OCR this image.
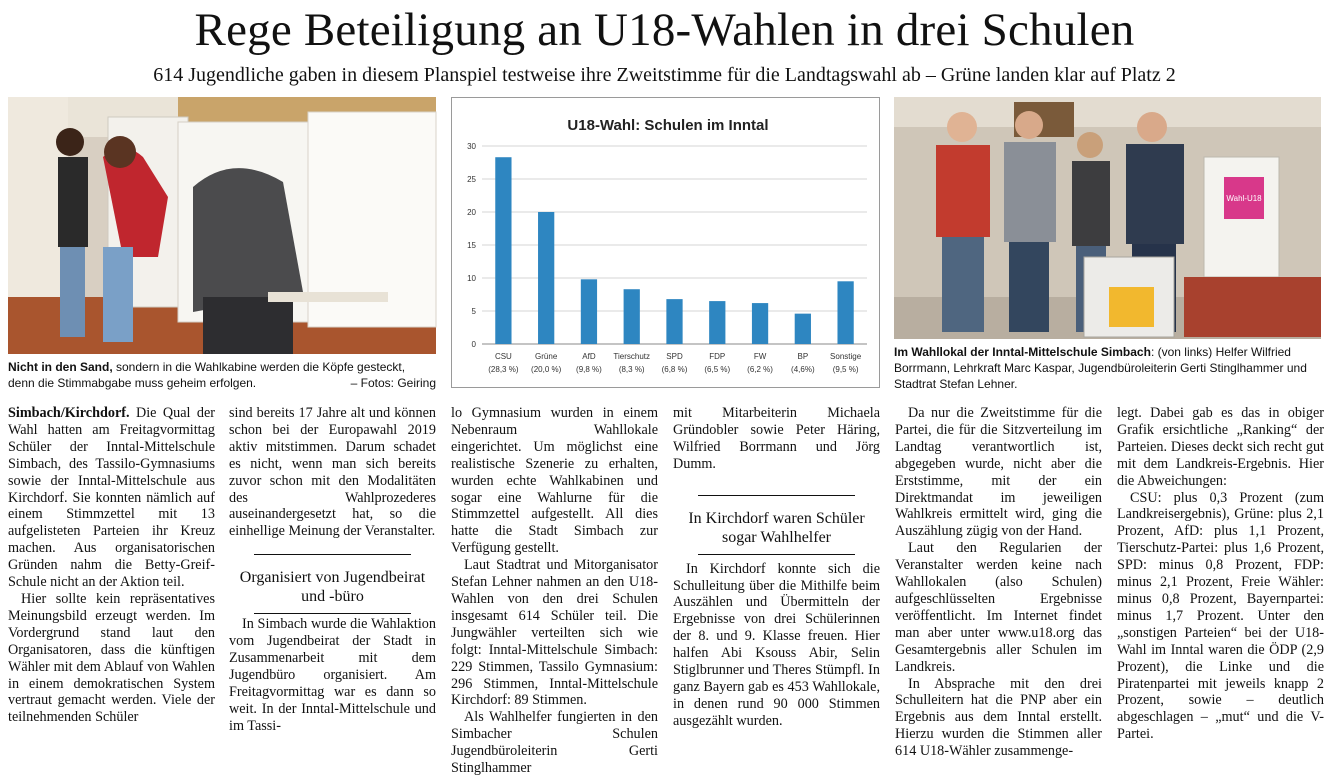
Rege Beteiligung an U18-Wahlen in drei Schulen
614 Jugendliche gaben in diesem Planspiel testweise ihre Zweitstimme für die Landtagswahl ab – Grüne landen klar auf Platz 2
U18-Wahl: Schulen im Inntal
0
5
10
15
20
25
30
CSU
(28,3 %)
Grüne
(20,0 %)
AfD
(9,8 %)
Tierschutz
(8,3 %)
SPD
(6,8 %)
FDP
(6,5 %)
FW
(6,2 %)
BP
(4,6%)
Sonstige
(9,5 %)
Wahl-U18
Nicht in den Sand, sondern in die Wahlkabine werden die Köpfe gesteckt,
denn die Stimmabgabe muss geheim erfolgen.	– Fotos: Geiring
Im Wahllokal der Inntal-Mittelschule Simbach: (von links) Helfer Wilfried Borrmann, Lehrkraft Marc Kaspar, Jugendbüroleiterin Gerti Stinglhammer und Stadtrat Stefan Lehner.

Simbach/Kirchdorf. Die Qual der Wahl hatten am Freitagvormittag Schüler der Inntal-Mittelschule Simbach, des Tassilo-Gymnasiums sowie der Inntal-Mittelschule aus Kirchdorf. Sie konnten nämlich auf einem Stimmzettel mit 13 aufgelisteten Parteien ihr Kreuz machen. Aus organisatorischen Gründen nahm die Betty-Greif-Schule nicht an der Aktion teil.

Hier sollte kein repräsentatives Meinungsbild erzeugt werden. Im Vordergrund stand laut den Organisatoren, dass die künftigen Wähler mit dem Ablauf von Wahlen in einem demokratischen System vertraut gemacht werden. Viele der teilnehmenden Schüler

sind bereits 17 Jahre alt und können schon bei der Europawahl 2019 aktiv mitstimmen. Darum schadet es nicht, wenn man sich bereits zuvor schon mit den Modalitäten des Wahlprozederes auseinandergesetzt hat, so die einhellige Meinung der Veranstalter.

Organisiert von Jugendbeirat und -büro

In Simbach wurde die Wahlaktion vom Jugendbeirat der Stadt in Zusammenarbeit mit dem Jugendbüro organisiert. Am Freitagvormittag war es dann so weit. In der Inntal-Mittelschule und im Tassi-

lo Gymnasium wurden in einem Nebenraum Wahllokale eingerichtet. Um möglichst eine realistische Szenerie zu erhalten, wurden echte Wahlkabinen und sogar eine Wahlurne für die Stimmzettel aufgestellt. All dies hatte die Stadt Simbach zur Verfügung gestellt.

Laut Stadtrat und Mitorganisator Stefan Lehner nahmen an den U18-Wahlen von den drei Schulen insgesamt 614 Schüler teil. Die Jungwähler verteilten sich wie folgt: Inntal-Mittelschule Simbach: 229 Stimmen, Tassilo Gymnasium: 296 Stimmen, Inntal-Mittelschule Kirchdorf: 89 Stimmen.

Als Wahlhelfer fungierten in den Simbacher Schulen Jugendbüroleiterin Gerti Stinglhammer

mit Mitarbeiterin Michaela Gründobler sowie Peter Häring, Wilfried Borrmann und Jörg Dumm.

In Kirchdorf waren Schüler sogar Wahlhelfer

In Kirchdorf konnte sich die Schulleitung über die Mithilfe beim Auszählen und Übermitteln der Ergebnisse von drei Schülerinnen der 8. und 9. Klasse freuen. Hier halfen Abi Ksouss Abir, Selin Stiglbrunner und Theres Stümpfl. In ganz Bayern gab es 453 Wahllokale, in denen rund 90 000 Stimmen ausgezählt wurden.

Da nur die Zweitstimme für die Partei, die für die Sitzverteilung im Landtag verantwortlich ist, abgegeben wurde, nicht aber die Erststimme, mit der ein Direktmandat im jeweiligen Wahlkreis ermittelt wird, ging die Auszählung zügig von der Hand.

Laut den Regularien der Veranstalter werden keine nach Wahllokalen (also Schulen) aufgeschlüsselten Ergebnisse veröffentlicht. Im Internet findet man aber unter www.u18.org das Gesamtergebnis aller Schulen im Landkreis.

In Absprache mit den drei Schulleitern hat die PNP aber ein Ergebnis aus dem Inntal erstellt. Hierzu wurden die Stimmen aller 614 U18-Wähler zusammenge-

legt. Dabei gab es das in obiger Grafik ersichtliche „Ranking“ der Parteien. Dieses deckt sich recht gut mit dem Landkreis-Ergebnis. Hier die Abweichungen:

CSU: plus 0,3 Prozent (zum Landkreisergebnis), Grüne: plus 2,1 Prozent, AfD: plus 1,1 Prozent, Tierschutz-Partei: plus 1,6 Prozent, SPD: minus 0,8 Prozent, FDP: minus 2,1 Prozent, Freie Wähler: minus 0,8 Prozent, Bayernpartei: minus 1,7 Prozent. Unter den „sonstigen Parteien“ bei der U18-Wahl im Inntal waren die ÖDP (2,9 Prozent), die Linke und die Piratenpartei mit jeweils knapp 2 Prozent, sowie – deutlich abgeschlagen – „mut“ und die V-Partei.
